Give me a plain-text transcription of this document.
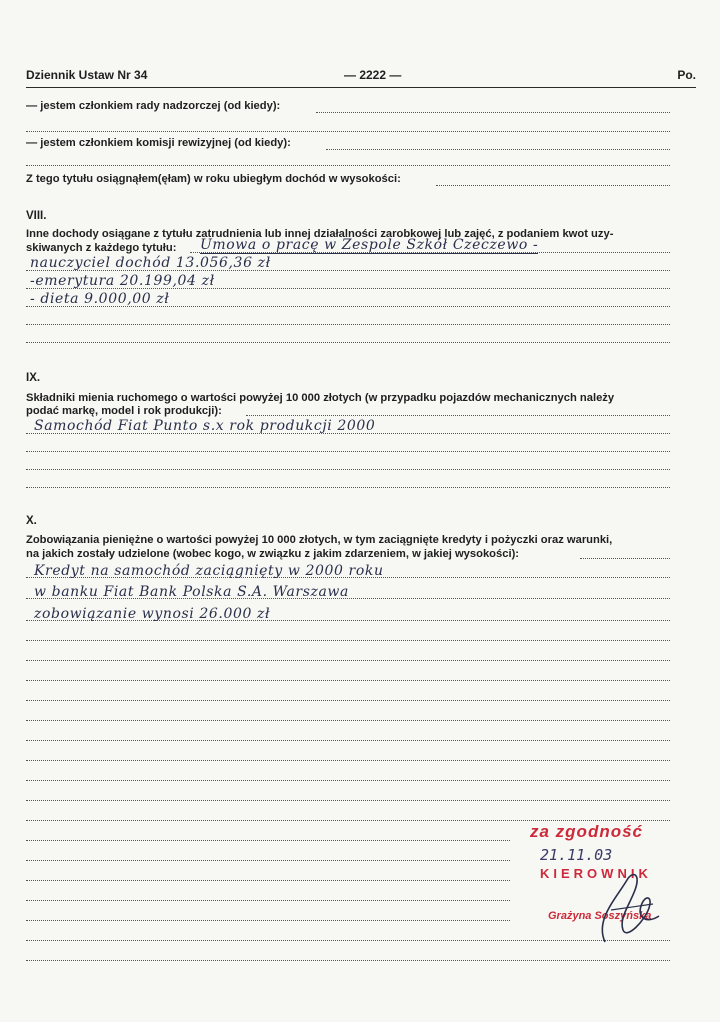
Dziennik Ustaw Nr 34	— 2222 —	Po.
— jestem członkiem rady nadzorczej (od kiedy):
— jestem członkiem komisji rewizyjnej (od kiedy):
Z tego tytułu osiągnąłem(ęłam) w roku ubiegłym dochód w wysokości:
VIII.
Inne dochody osiągane z tytułu zatrudnienia lub innej działalności zarobkowej lub zajęć, z podaniem kwot uzy-
skiwanych z każdego tytułu:	Umowa o pracę w Zespole Szkół Czeczewo -
nauczyciel dochód 13.056,36 zł
-emerytura 20.199,04 zł
- dieta 9.000,00 zł
IX.
Składniki mienia ruchomego o wartości powyżej 10 000 złotych (w przypadku pojazdów mechanicznych należy
podać markę, model i rok produkcji):
Samochód Fiat Punto s.x rok produkcji 2000
X.
Zobowiązania pieniężne o wartości powyżej 10 000 złotych, w tym zaciągnięte kredyty i pożyczki oraz warunki,
na jakich zostały udzielone (wobec kogo, w związku z jakim zdarzeniem, w jakiej wysokości):
Kredyt na samochód zaciągnięty w 2000 roku
w banku Fiat Bank Polska S.A. Warszawa
zobowiązanie wynosi 26.000 zł
za zgodność
21.11.03
KIEROWNIK
Grażyna Soszyńska
